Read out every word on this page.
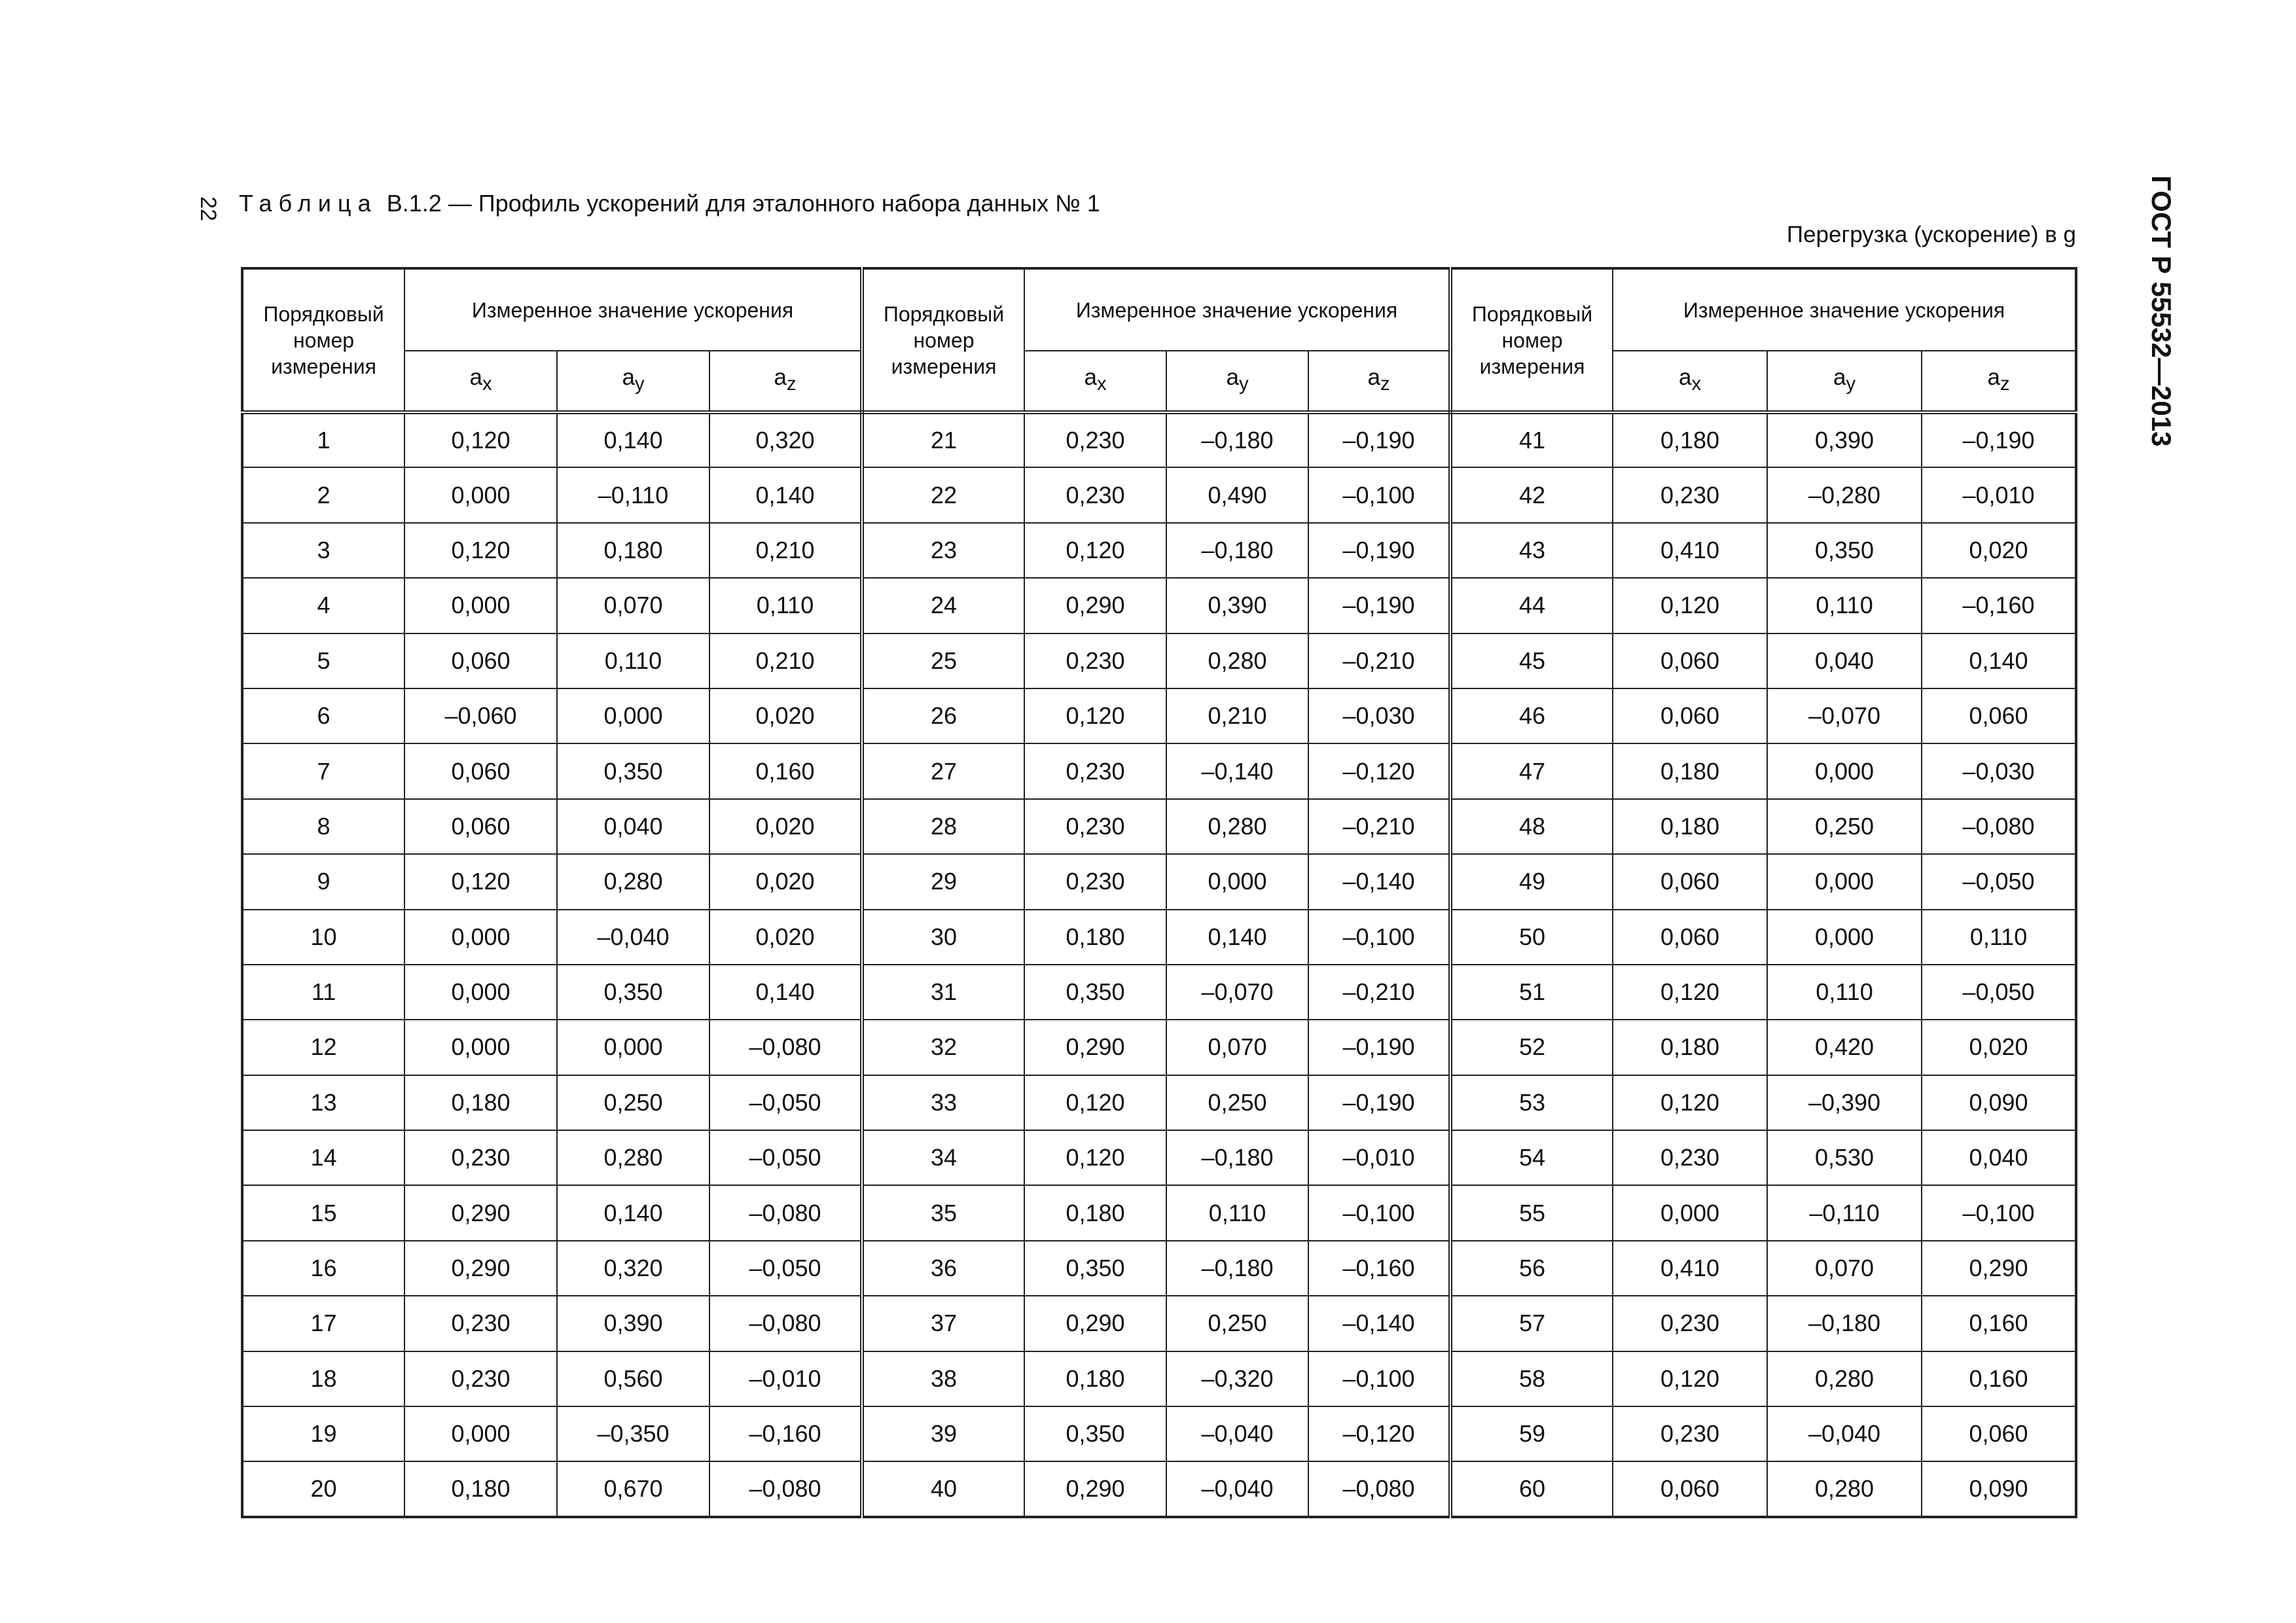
22 Таблица В.1.2 — Профиль ускорений для эталонного набора данных № 1
Перегрузка (ускорение) в g	ГОСТ Р 55532—2013
Порядковый номер измерения	Измеренное значение ускорения			Порядковый номер измерения	Измеренное значение ускорения			Порядковый номер измерения	Измеренное значение ускорения		
	$a_x$	$a_y$	$a_z$		$a_x$	$a_y$	$a_z$		$a_x$	$a_y$	$a_z$
1	0,120	0,140	0,320	21	0,230	–0,180	–0,190	41	0,180	0,390	–0,190
2	0,000	–0,110	0,140	22	0,230	0,490	–0,100	42	0,230	–0,280	–0,010
3	0,120	0,180	0,210	23	0,120	–0,180	–0,190	43	0,410	0,350	0,020
4	0,000	0,070	0,110	24	0,290	0,390	–0,190	44	0,120	0,110	–0,160
5	0,060	0,110	0,210	25	0,230	0,280	–0,210	45	0,060	0,040	0,140
6	–0,060	0,000	0,020	26	0,120	0,210	–0,030	46	0,060	–0,070	0,060
7	0,060	0,350	0,160	27	0,230	–0,140	–0,120	47	0,180	0,000	–0,030
8	0,060	0,040	0,020	28	0,230	0,280	–0,210	48	0,180	0,250	–0,080
9	0,120	0,280	0,020	29	0,230	0,000	–0,140	49	0,060	0,000	–0,050
10	0,000	–0,040	0,020	30	0,180	0,140	–0,100	50	0,060	0,000	0,110
11	0,000	0,350	0,140	31	0,350	–0,070	–0,210	51	0,120	0,110	–0,050
12	0,000	0,000	–0,080	32	0,290	0,070	–0,190	52	0,180	0,420	0,020
13	0,180	0,250	–0,050	33	0,120	0,250	–0,190	53	0,120	–0,390	0,090
14	0,230	0,280	–0,050	34	0,120	–0,180	–0,010	54	0,230	0,530	0,040
15	0,290	0,140	–0,080	35	0,180	0,110	–0,100	55	0,000	–0,110	–0,100
16	0,290	0,320	–0,050	36	0,350	–0,180	–0,160	56	0,410	0,070	0,290
17	0,230	0,390	–0,080	37	0,290	0,250	–0,140	57	0,230	–0,180	0,160
18	0,230	0,560	–0,010	38	0,180	–0,320	–0,100	58	0,120	0,280	0,160
19	0,000	–0,350	–0,160	39	0,350	–0,040	–0,120	59	0,230	–0,040	0,060
20	0,180	0,670	–0,080	40	0,290	–0,040	–0,080	60	0,060	0,280	0,090
